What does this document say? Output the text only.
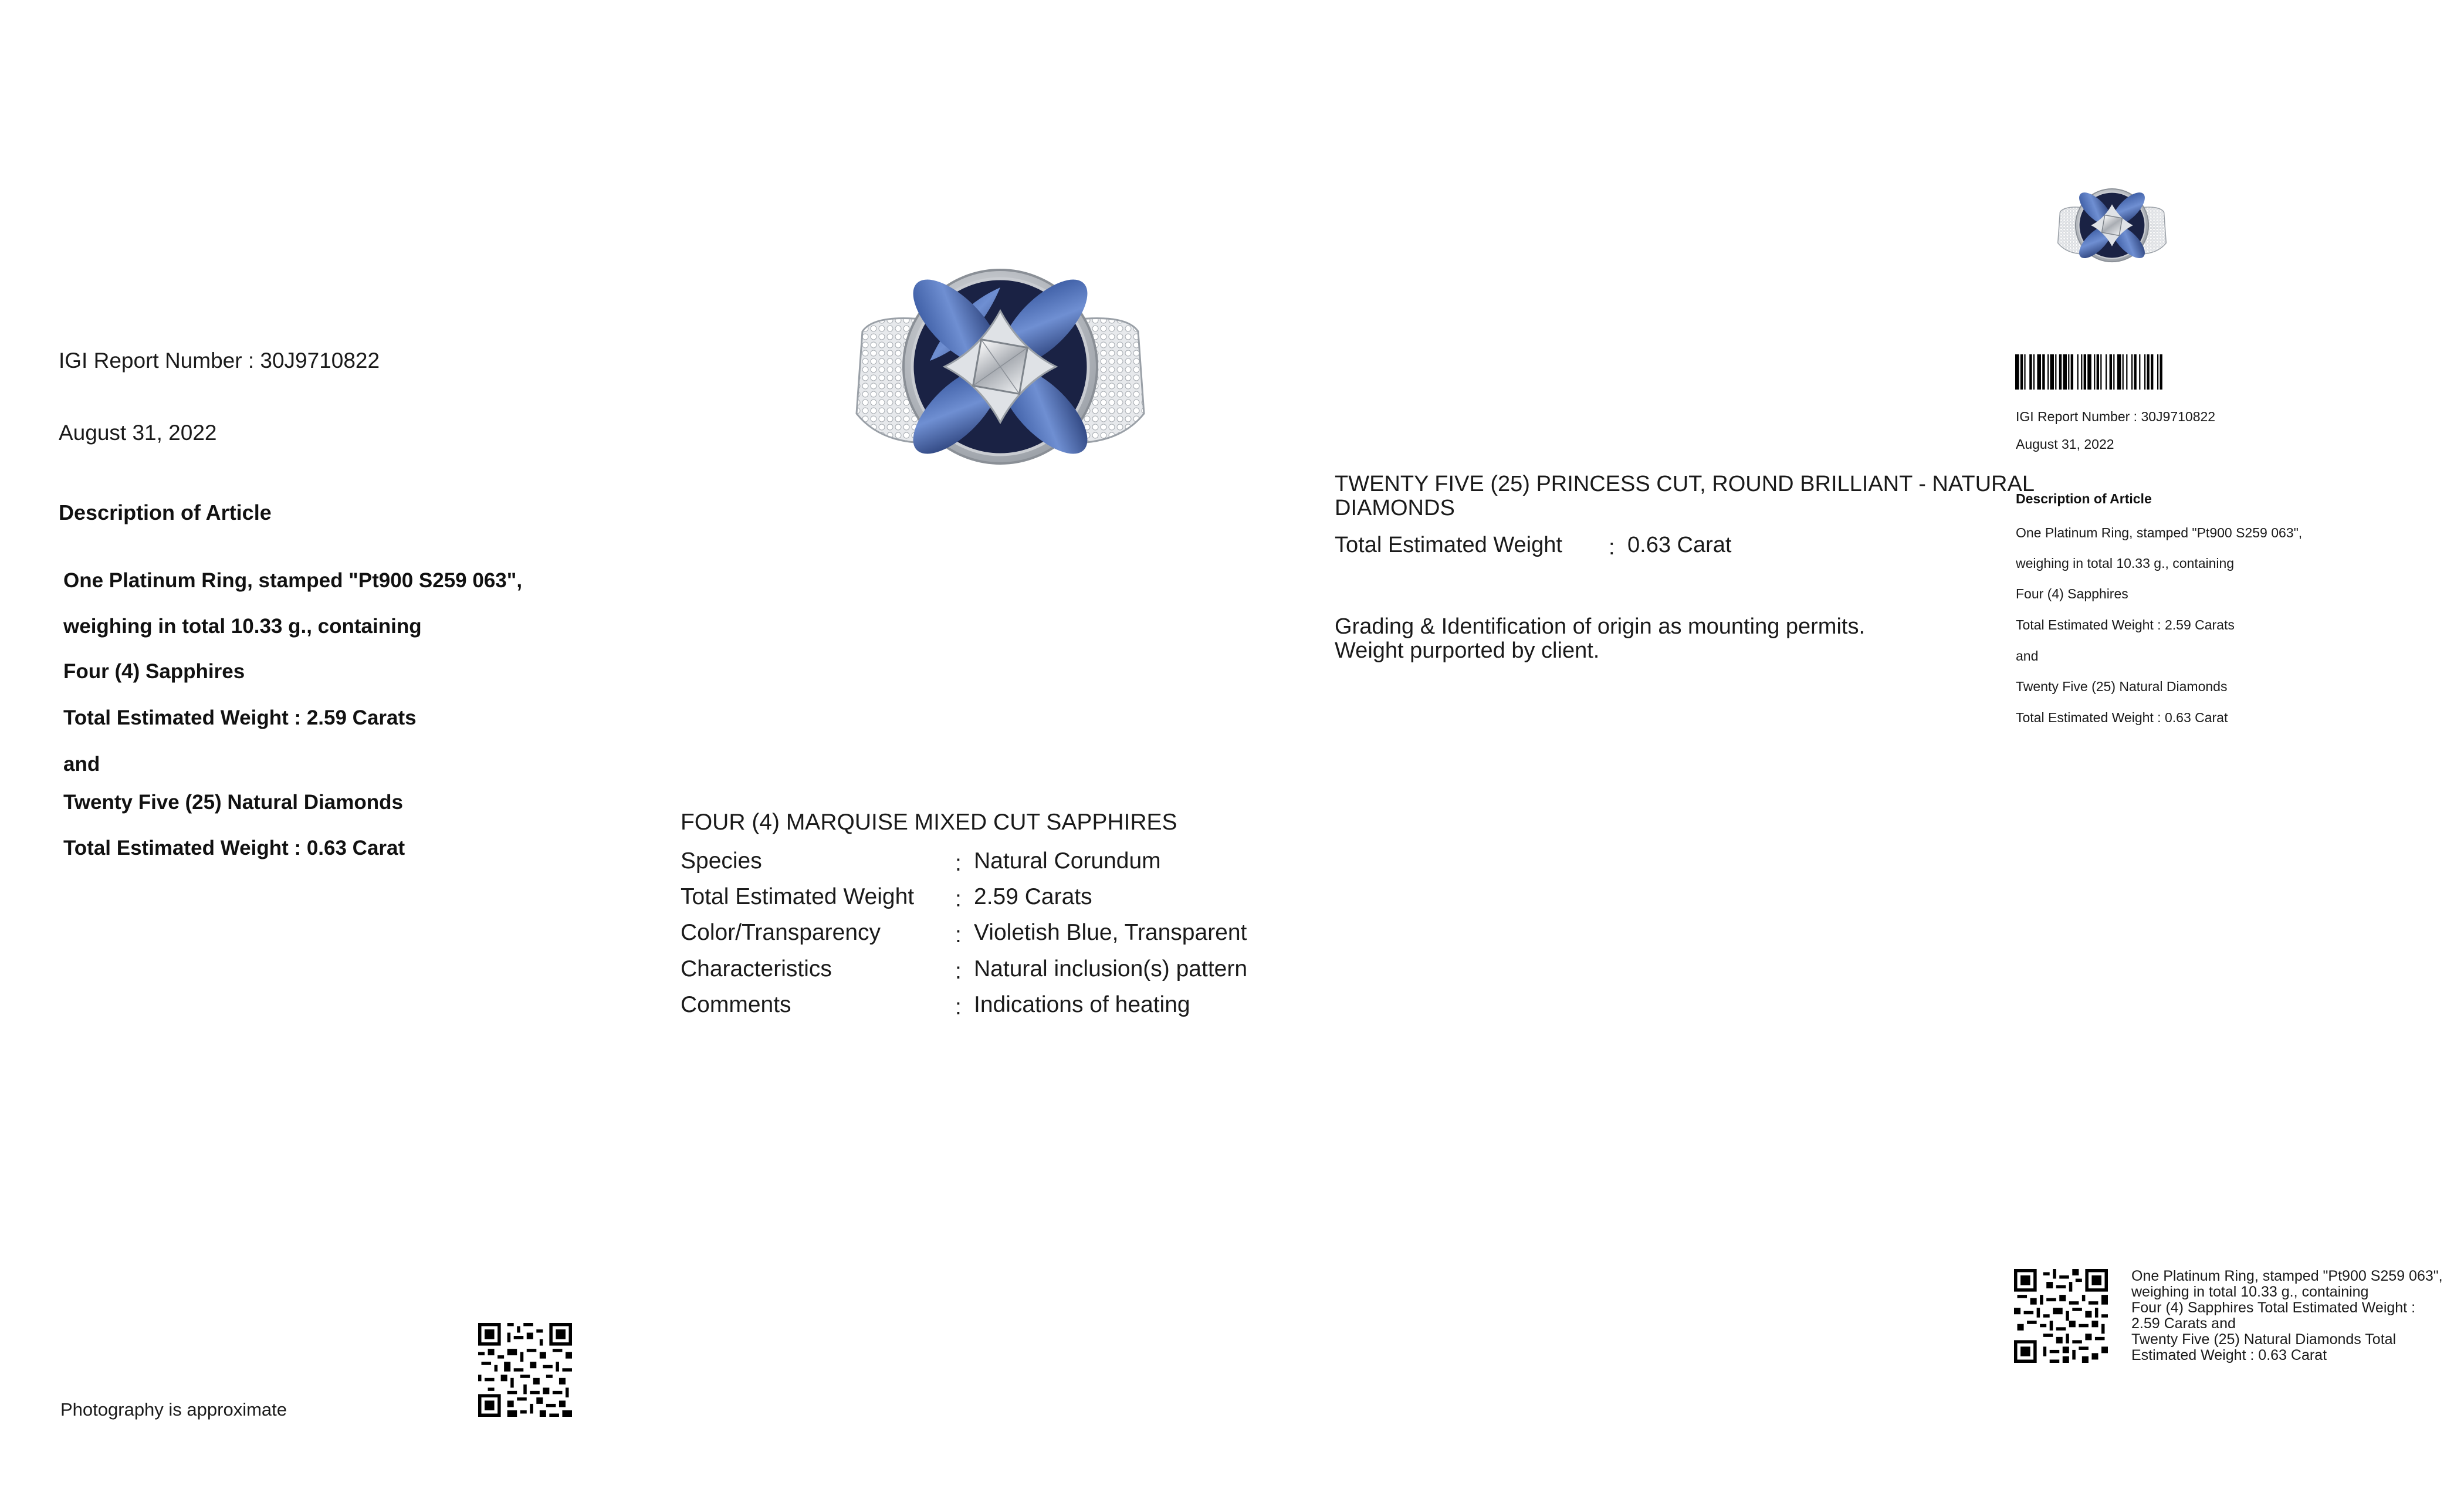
IGI Report Number : 30J9710822
August 31, 2022
Description of Article
One Platinum Ring, stamped "Pt900 S259 063",
weighing in total 10.33 g., containing
Four (4) Sapphires
Total Estimated Weight : 2.59 Carats
and
Twenty Five (25) Natural Diamonds
Total Estimated Weight : 0.63 Carat
Photography is approximate
FOUR (4) MARQUISE MIXED CUT SAPPHIRES
Species	: Natural Corundum
Total Estimated Weight : 2.59 Carats
Color/Transparency	: Violetish Blue, Transparent
Characteristics	: Natural inclusion(s) pattern
Comments	: Indications of heating
TWENTY FIVE (25) PRINCESS CUT, ROUND BRILLIANT - NATURAL
DIAMONDS
Total Estimated Weight : 0.63 Carat
Grading & Identification of origin as mounting permits.
Weight purported by client.
IGI Report Number : 30J9710822
August 31, 2022
Description of Article
One Platinum Ring, stamped "Pt900 S259 063",
weighing in total 10.33 g., containing
Four (4) Sapphires
Total Estimated Weight : 2.59 Carats
and
Twenty Five (25) Natural Diamonds
Total Estimated Weight : 0.63 Carat
One Platinum Ring, stamped "Pt900 S259 063",
weighing in total 10.33 g., containing
Four (4) Sapphires Total Estimated Weight :
2.59 Carats and
Twenty Five (25) Natural Diamonds Total
Estimated Weight : 0.63 Carat
